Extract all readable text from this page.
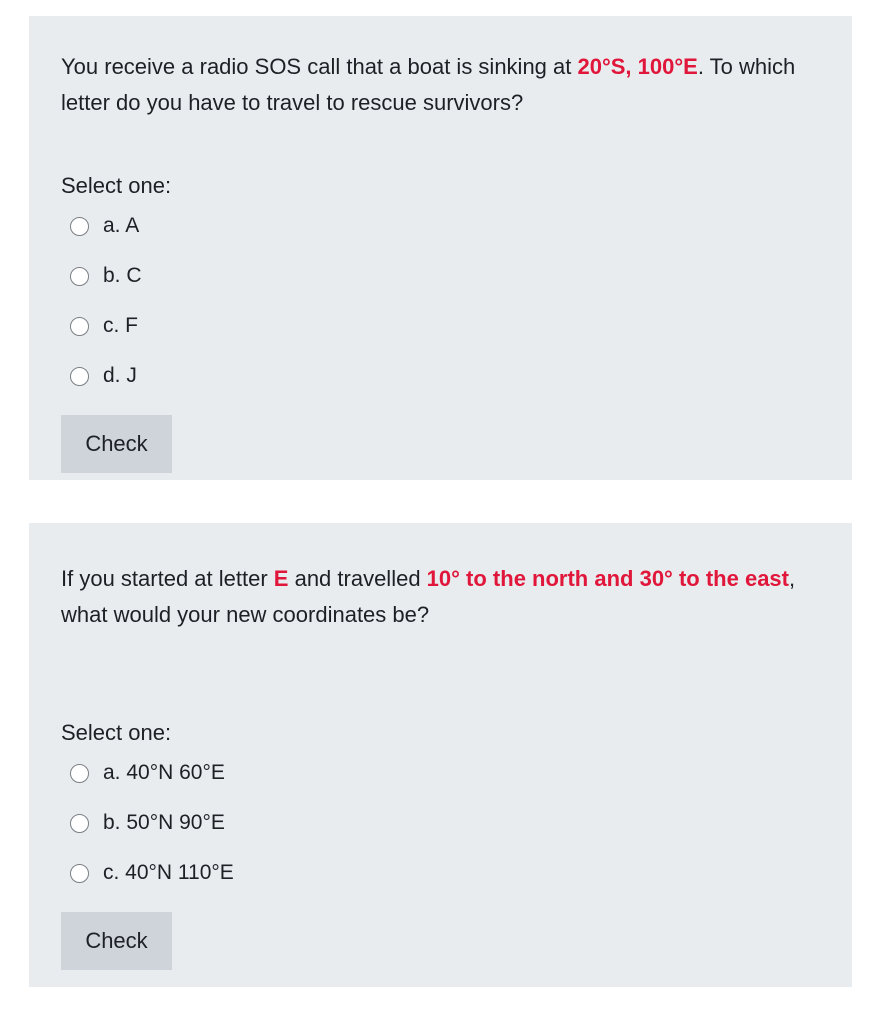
You receive a radio SOS call that a boat is sinking at 20°S, 100°E. To which letter do you have to travel to rescue survivors?

Select one:

a. A
b. C
c. F
d. J
Check

If you started at letter E and travelled 10° to the north and 30° to the east, what would your new coordinates be?

Select one:

a. 40°N 60°E
b. 50°N 90°E
c. 40°N 110°E
Check
